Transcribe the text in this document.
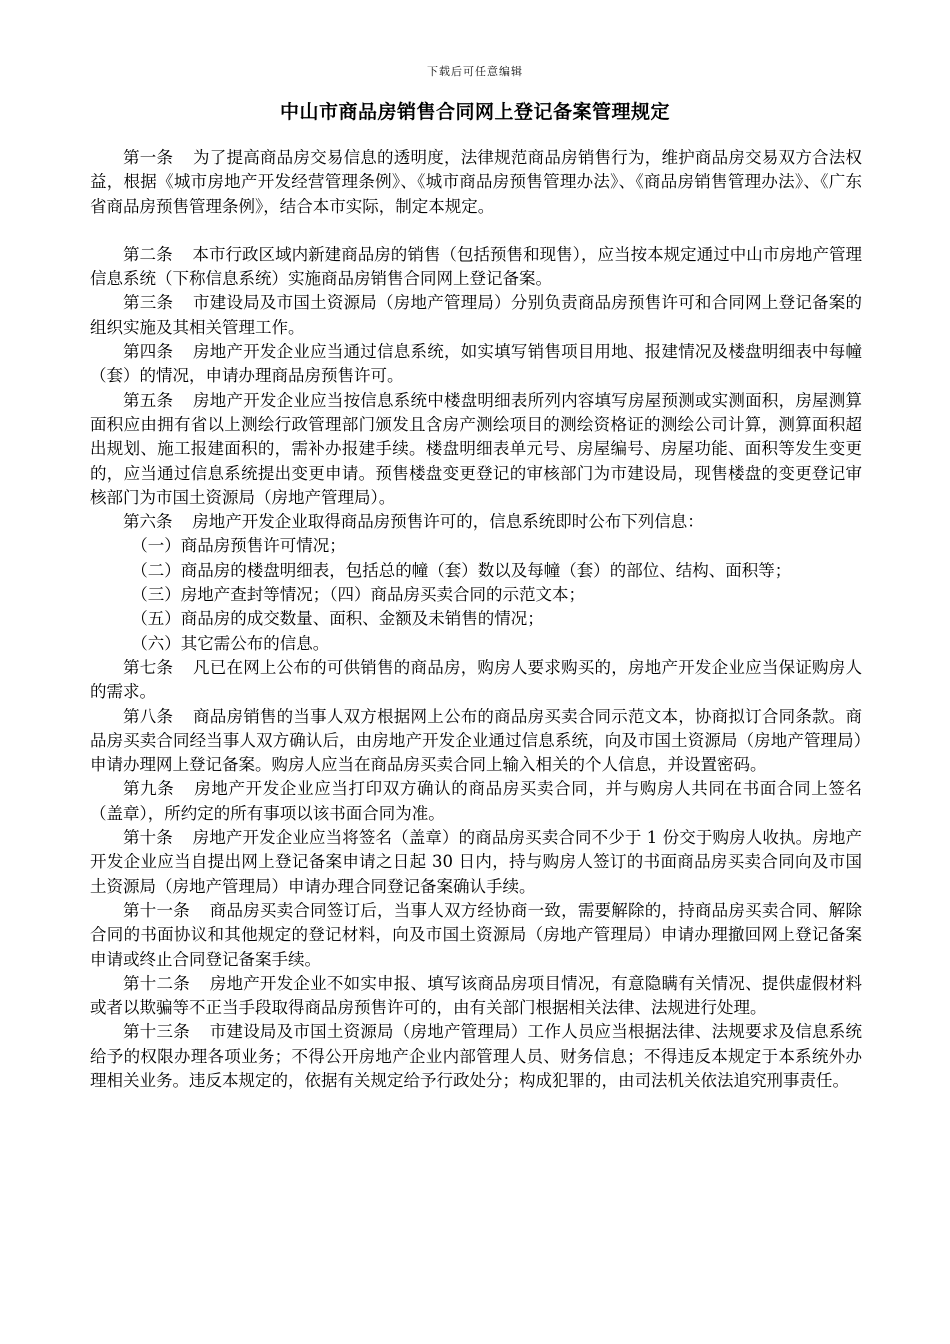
下载后可任意编辑
中山市商品房销售合同网上登记备案管理规定

第一条 为了提高商品房交易信息的透明度，法律规范商品房销售行为，维护商品房交易双方合法权益，根据《城市房地产开发经营管理条例》、《城市商品房预售管理办法》、《商品房销售管理办法》、《广东省商品房预售管理条例》，结合本市实际，制定本规定。

第二条 本市行政区域内新建商品房的销售（包括预售和现售），应当按本规定通过中山市房地产管理信息系统（下称信息系统）实施商品房销售合同网上登记备案。

第三条 市建设局及市国土资源局（房地产管理局）分别负责商品房预售许可和合同网上登记备案的组织实施及其相关管理工作。

第四条 房地产开发企业应当通过信息系统，如实填写销售项目用地、报建情况及楼盘明细表中每幢（套）的情况，申请办理商品房预售许可。

第五条 房地产开发企业应当按信息系统中楼盘明细表所列内容填写房屋预测或实测面积，房屋测算面积应由拥有省以上测绘行政管理部门颁发且含房产测绘项目的测绘资格证的测绘公司计算，测算面积超出规划、施工报建面积的，需补办报建手续。楼盘明细表单元号、房屋编号、房屋功能、面积等发生变更的，应当通过信息系统提出变更申请。预售楼盘变更登记的审核部门为市建设局，现售楼盘的变更登记审核部门为市国土资源局（房地产管理局）。

第六条 房地产开发企业取得商品房预售许可的，信息系统即时公布下列信息：

（一）商品房预售许可情况；

（二）商品房的楼盘明细表，包括总的幢（套）数以及每幢（套）的部位、结构、面积等；

（三）房地产查封等情况；（四）商品房买卖合同的示范文本；

（五）商品房的成交数量、面积、金额及未销售的情况；

（六）其它需公布的信息。

第七条 凡已在网上公布的可供销售的商品房，购房人要求购买的，房地产开发企业应当保证购房人的需求。

第八条 商品房销售的当事人双方根据网上公布的商品房买卖合同示范文本，协商拟订合同条款。商品房买卖合同经当事人双方确认后，由房地产开发企业通过信息系统，向及市国土资源局（房地产管理局）申请办理网上登记备案。购房人应当在商品房买卖合同上输入相关的个人信息，并设置密码。

第九条 房地产开发企业应当打印双方确认的商品房买卖合同，并与购房人共同在书面合同上签名（盖章），所约定的所有事项以该书面合同为准。

第十条 房地产开发企业应当将签名（盖章）的商品房买卖合同不少于 1 份交于购房人收执。房地产开发企业应当自提出网上登记备案申请之日起 30 日内，持与购房人签订的书面商品房买卖合同向及市国土资源局（房地产管理局）申请办理合同登记备案确认手续。

第十一条 商品房买卖合同签订后，当事人双方经协商一致，需要解除的，持商品房买卖合同、解除合同的书面协议和其他规定的登记材料，向及市国土资源局（房地产管理局）申请办理撤回网上登记备案申请或终止合同登记备案手续。

第十二条 房地产开发企业不如实申报、填写该商品房项目情况，有意隐瞒有关情况、提供虚假材料或者以欺骗等不正当手段取得商品房预售许可的，由有关部门根据相关法律、法规进行处理。

第十三条 市建设局及市国土资源局（房地产管理局）工作人员应当根据法律、法规要求及信息系统给予的权限办理各项业务；不得公开房地产企业内部管理人员、财务信息；不得违反本规定于本系统外办理相关业务。违反本规定的，依据有关规定给予行政处分；构成犯罪的，由司法机关依法追究刑事责任。
